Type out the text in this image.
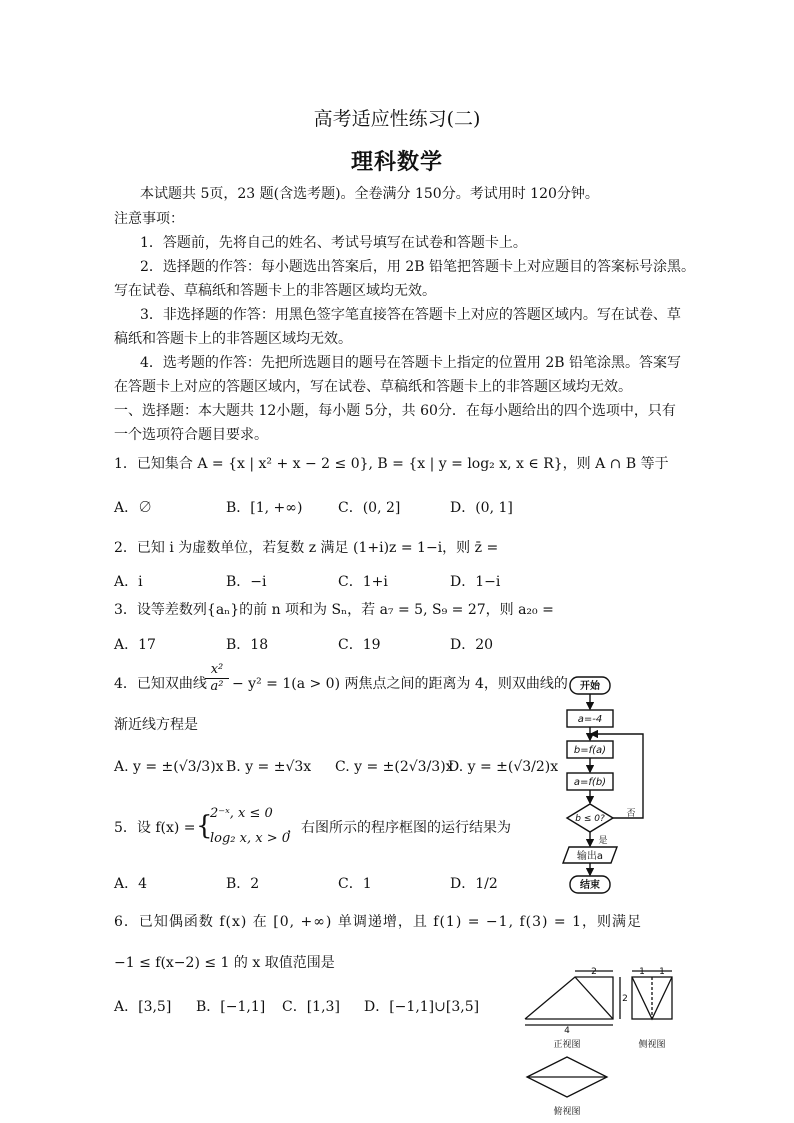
高考适应性练习(二)
理科数学
本试题共 5页，23 题(含选考题)。全卷满分 150分。考试用时 120分钟。
注意事项：
1．答题前，先将自己的姓名、考试号填写在试卷和答题卡上。
2．选择题的作答：每小题选出答案后，用 2B 铅笔把答题卡上对应题目的答案标号涂黑。
写在试卷、草稿纸和答题卡上的非答题区域均无效。
3．非选择题的作答：用黑色签字笔直接答在答题卡上对应的答题区域内。写在试卷、草
稿纸和答题卡上的非答题区域均无效。
4．选考题的作答：先把所选题目的题号在答题卡上指定的位置用 2B 铅笔涂黑。答案写
在答题卡上对应的答题区域内，写在试卷、草稿纸和答题卡上的非答题区域均无效。
一、选择题：本大题共 12小题，每小题 5分，共 60分．在每小题给出的四个选项中，只有
一个选项符合题目要求。
1．已知集合 A = {x | x² + x − 2 ≤ 0}, B = {x | y = log₂ x, x ∈ R}，则 A ∩ B 等于
A．∅	B．[1, +∞)	C．(0, 2]	D．(0, 1]
2．已知 i 为虚数单位，若复数 z 满足 (1+i)z = 1−i，则 z̄ =
A．i	B．−i	C．1+i	D．1−i
3．设等差数列{aₙ}的前 n 项和为 Sₙ，若 a₇ = 5, S₉ = 27，则 a₂₀ =
A．17	B．18	C．19	D．20
4．已知双曲线
$\frac{\text{x²}}{\text{a²}} - y^2 = 1(a > 0)$ 两焦点之间的距离为 4，则双曲线的
渐近线方程是
A. y = ±(√3/3)x B. y = ±√3x C. y = ±(2√3/3)x
D. y = ±(√3/2)x
5．设 f(x) = {
2⁻ˣ, x ≤ 0
log₂ x, x > 0
，右图所示的程序框图的运行结果为
A．4	B．2	C．1	D．1/2
6．已知偶函数 f(x) 在 [0, +∞) 单调递增，且 f(1) = −1, f(3) = 1，则满足
−1 ≤ f(x−2) ≤ 1 的 x 取值范围是
A．[3,5] B．[−1,1] C．[1,3] D．[−1,1]∪[3,5]
开始
a=-4
b=f(a)
a=f(b)
b ≤ 0?
是
否
输出a
结束
2
2
4
1 1
正视图	侧视图
俯视图
